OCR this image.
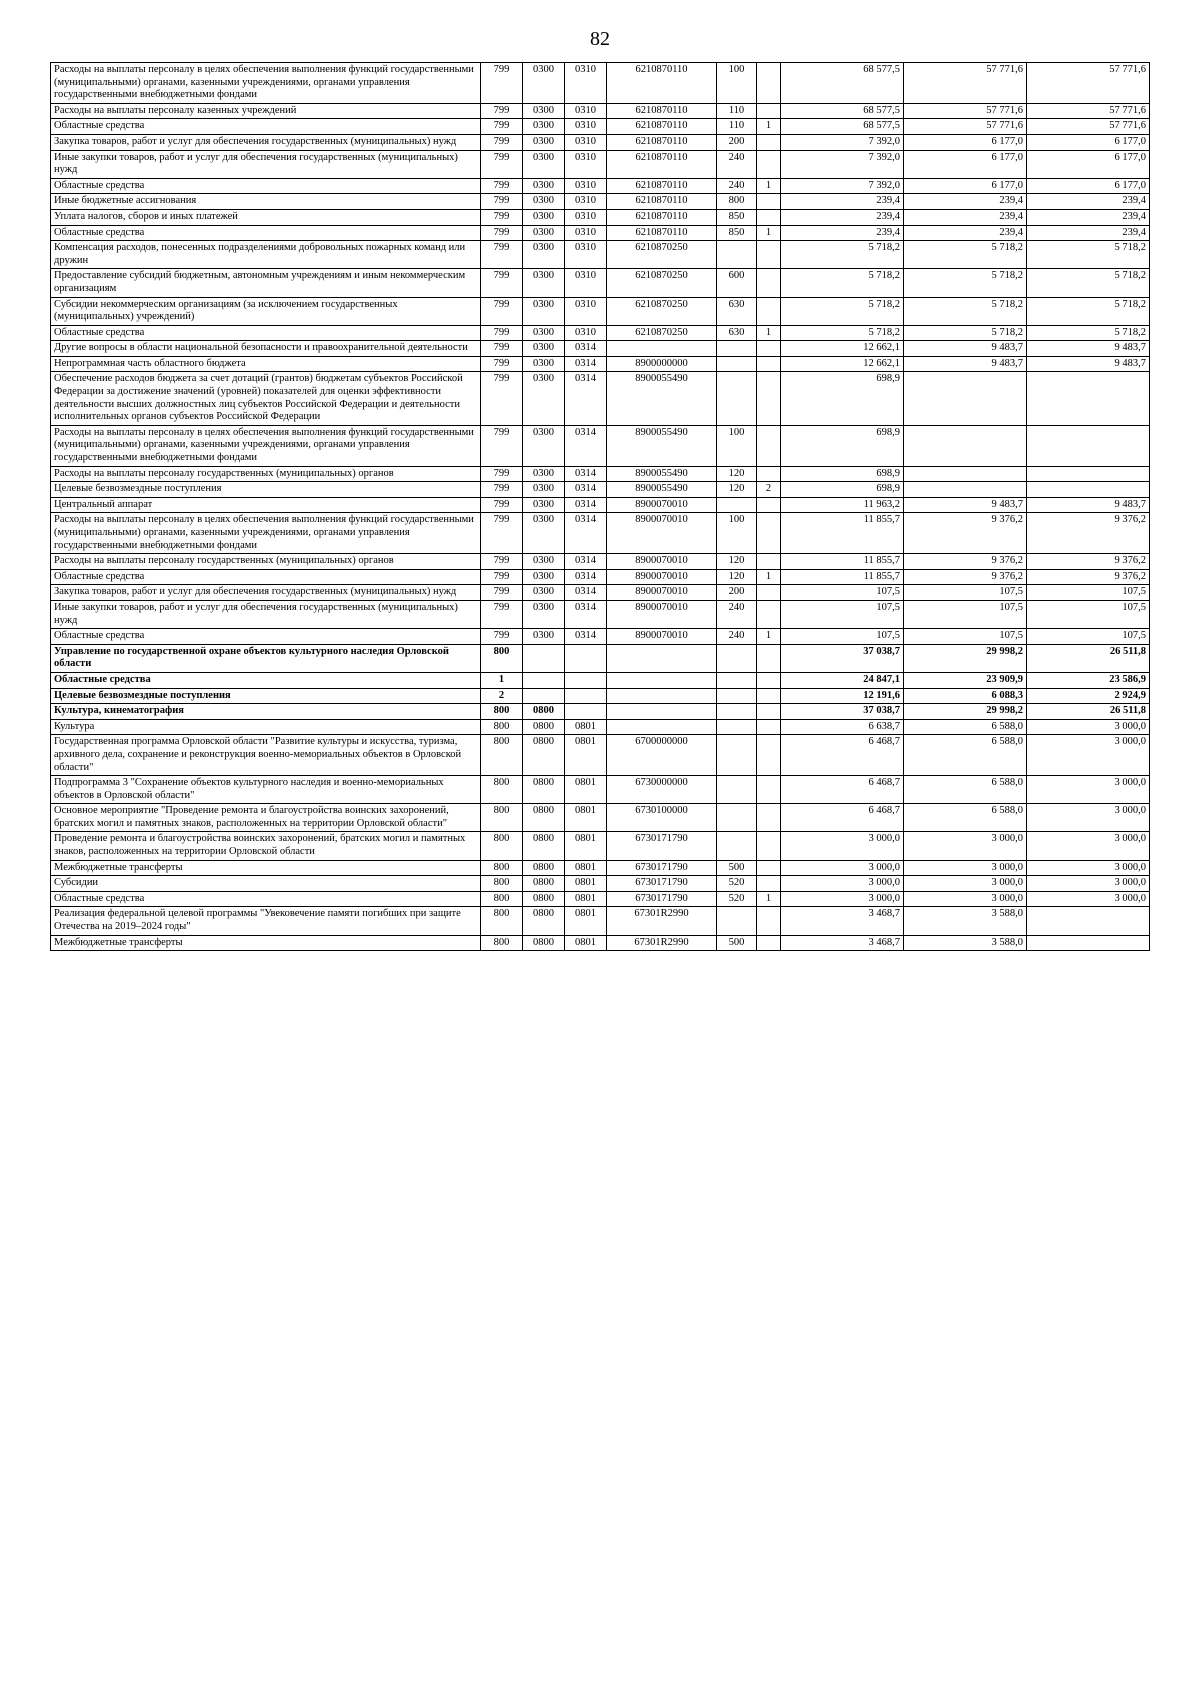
82
Расходы на выплаты персоналу в целях обеспечения выполнения функций государственными (муниципальными) органами, казенными учреждениями, органами управления государственными внебюджетными фондами	799	0300	0310	6210870110	100		68 577,5	57 771,6	57 771,6
Расходы на выплаты персоналу казенных учреждений	799	0300	0310	6210870110	110		68 577,5	57 771,6	57 771,6
Областные средства	799	0300	0310	6210870110	110	1	68 577,5	57 771,6	57 771,6
Закупка товаров, работ и услуг для обеспечения государственных (муниципальных) нужд	799	0300	0310	6210870110	200		7 392,0	6 177,0	6 177,0
Иные закупки товаров, работ и услуг для обеспечения государственных (муниципальных) нужд	799	0300	0310	6210870110	240		7 392,0	6 177,0	6 177,0
Областные средства	799	0300	0310	6210870110	240	1	7 392,0	6 177,0	6 177,0
Иные бюджетные ассигнования	799	0300	0310	6210870110	800		239,4	239,4	239,4
Уплата налогов, сборов и иных платежей	799	0300	0310	6210870110	850		239,4	239,4	239,4
Областные средства	799	0300	0310	6210870110	850	1	239,4	239,4	239,4
Компенсация расходов, понесенных подразделениями добровольных пожарных команд или дружин	799	0300	0310	6210870250			5 718,2	5 718,2	5 718,2
Предоставление субсидий бюджетным, автономным учреждениям и иным некоммерческим организациям	799	0300	0310	6210870250	600		5 718,2	5 718,2	5 718,2
Субсидии некоммерческим организациям (за исключением государственных (муниципальных) учреждений)	799	0300	0310	6210870250	630		5 718,2	5 718,2	5 718,2
Областные средства	799	0300	0310	6210870250	630	1	5 718,2	5 718,2	5 718,2
Другие вопросы в области национальной безопасности и правоохранительной деятельности	799	0300	0314				12 662,1	9 483,7	9 483,7
Непрограммная часть областного бюджета	799	0300	0314	8900000000			12 662,1	9 483,7	9 483,7
Обеспечение расходов бюджета за счет дотаций (грантов) бюджетам субъектов Российской Федерации за достижение значений (уровней) показателей для оценки эффективности деятельности высших должностных лиц субъектов Российской Федерации и деятельности исполнительных органов субъектов Российской Федерации	799	0300	0314	8900055490			698,9		
Расходы на выплаты персоналу в целях обеспечения выполнения функций государственными (муниципальными) органами, казенными учреждениями, органами управления государственными внебюджетными фондами	799	0300	0314	8900055490	100		698,9		
Расходы на выплаты персоналу государственных (муниципальных) органов	799	0300	0314	8900055490	120		698,9		
Целевые безвозмездные поступления	799	0300	0314	8900055490	120	2	698,9		
Центральный аппарат	799	0300	0314	8900070010			11 963,2	9 483,7	9 483,7
Расходы на выплаты персоналу в целях обеспечения выполнения функций государственными (муниципальными) органами, казенными учреждениями, органами управления государственными внебюджетными фондами	799	0300	0314	8900070010	100		11 855,7	9 376,2	9 376,2
Расходы на выплаты персоналу государственных (муниципальных) органов	799	0300	0314	8900070010	120		11 855,7	9 376,2	9 376,2
Областные средства	799	0300	0314	8900070010	120	1	11 855,7	9 376,2	9 376,2
Закупка товаров, работ и услуг для обеспечения государственных (муниципальных) нужд	799	0300	0314	8900070010	200		107,5	107,5	107,5
Иные закупки товаров, работ и услуг для обеспечения государственных (муниципальных) нужд	799	0300	0314	8900070010	240		107,5	107,5	107,5
Областные средства	799	0300	0314	8900070010	240	1	107,5	107,5	107,5
Управление по государственной охране объектов культурного наследия Орловской области	800						37 038,7	29 998,2	26 511,8
Областные средства	1						24 847,1	23 909,9	23 586,9
Целевые безвозмездные поступления	2						12 191,6	6 088,3	2 924,9
Культура, кинематография	800	0800					37 038,7	29 998,2	26 511,8
Культура	800	0800	0801				6 638,7	6 588,0	3 000,0
Государственная программа Орловской области "Развитие культуры и искусства, туризма, архивного дела, сохранение и реконструкция военно-мемориальных объектов в Орловской области"	800	0800	0801	6700000000			6 468,7	6 588,0	3 000,0
Подпрограмма 3 "Сохранение объектов культурного наследия и военно-мемориальных объектов в Орловской области"	800	0800	0801	6730000000			6 468,7	6 588,0	3 000,0
Основное мероприятие "Проведение ремонта и благоустройства воинских захоронений, братских могил и памятных знаков, расположенных на территории Орловской области"	800	0800	0801	6730100000			6 468,7	6 588,0	3 000,0
Проведение ремонта и благоустройства воинских захоронений, братских могил и памятных знаков, расположенных на территории Орловской области	800	0800	0801	6730171790			3 000,0	3 000,0	3 000,0
Межбюджетные трансферты	800	0800	0801	6730171790	500		3 000,0	3 000,0	3 000,0
Субсидии	800	0800	0801	6730171790	520		3 000,0	3 000,0	3 000,0
Областные средства	800	0800	0801	6730171790	520	1	3 000,0	3 000,0	3 000,0
Реализация федеральной целевой программы "Увековечение памяти погибших при защите Отечества на 2019–2024 годы"	800	0800	0801	67301R2990			3 468,7	3 588,0	
Межбюджетные трансферты	800	0800	0801	67301R2990	500		3 468,7	3 588,0	
